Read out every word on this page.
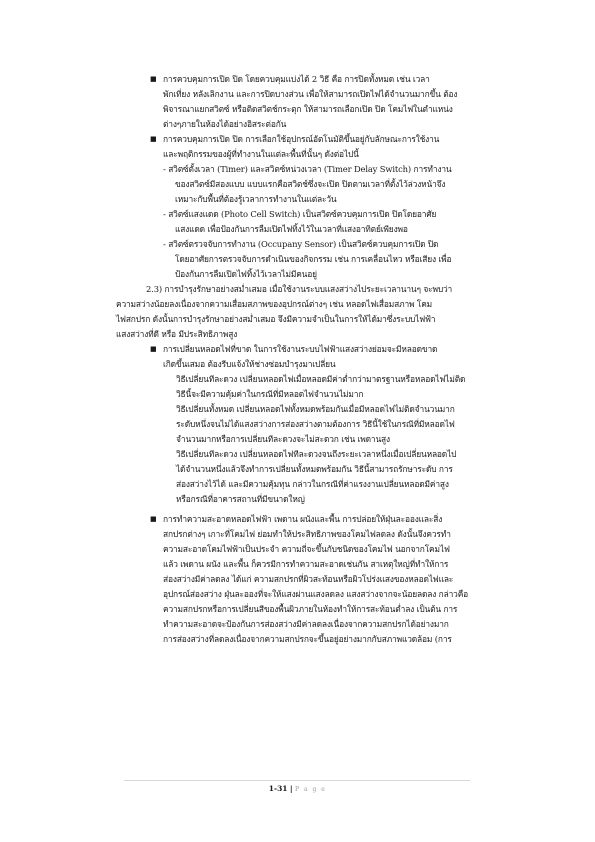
■ การควบคุมการเปิด ปิด โดยควบคุมแบ่งได้ 2 วิธี คือ การปิดทั้งหมด เช่น เวลา
พักเที่ยง หลังเลิกงาน และการปิดบางส่วน เพื่อให้สามารถเปิดไฟได้จำนวนมากขึ้น ต้อง
พิจารณาแยกสวิตซ์ หรือติดสวิตช์กระตุก ให้สามารถเลือกเปิด ปิด โคมไฟในตำแหน่ง
ต่างๆภายในห้องได้อย่างอิสระต่อกัน
■ การควบคุมการเปิด ปิด การเลือกใช้อุปกรณ์อัตโนมัติขึ้นอยู่กับลักษณะการใช้งาน
และพฤติกรรมของผู้ที่ทำงานในแต่ละพื้นที่นั้นๆ ดังต่อไปนี้
- สวิตซ์ตั้งเวลา (Timer) และสวิตซ์หน่วงเวลา (Timer Delay Switch) การทำงาน
ของสวิตซ์มีสองแบบ แบบแรกคือสวิตช์ซึ่งจะเปิด ปิดตามเวลาที่ตั้งไว้ล่วงหน้าจึง
เหมาะกับพื้นที่ต้องรู้เวลาการทำงานในแต่ละวัน
- สวิตซ์แสงแดด (Photo Cell Switch) เป็นสวิตซ์ควบคุมการเปิด ปิดโดยอาศัย
แสงแดด เพื่อป้องกันการลืมเปิดไฟทิ้งไว้ในเวลาที่แสงอาทิตย์เพียงพอ
- สวิตซ์ตรวจจับการทำงาน (Occupany Sensor) เป็นสวิตซ์ควบคุมการเปิด ปิด
โดยอาศัยการตรวจจับการดำเนินของกิจกรรม เช่น การเคลื่อนไหว หรือเสียง เพื่อ
ป้องกันการลืมเปิดไฟทิ้งไว้เวลาไม่มีคนอยู่
2.3) การบำรุงรักษาอย่างสม่ำเสมอ เมื่อใช้งานระบบแสงสว่างไประยะเวลานานๆ จะพบว่า
ความสว่างน้อยลงเนื่องจากความเสื่อมสภาพของอุปกรณ์ต่างๆ เช่น หลอดไฟเสื่อมสภาพ โคม
ไฟสกปรก ดังนั้นการบำรุงรักษาอย่างสม่ำเสมอ จึงมีความจำเป็นในการให้ได้มาซึ่งระบบไฟฟ้า
แสงสว่างที่ดี หรือ มีประสิทธิภาพสูง
■ การเปลี่ยนหลอดไฟที่ขาด ในการใช้งานระบบไฟฟ้าแสงสว่างย่อมจะมีหลอดขาด
เกิดขึ้นเสมอ ต้องรีบแจ้งให้ช่างซ่อมบำรุงมาเปลี่ยน
วิธีเปลี่ยนทีละดวง เปลี่ยนหลอดไฟเมื่อหลอดมีค่าต่ำกว่ามาตรฐานหรือหลอดไฟไม่ติด
วิธีนี้จะมีความคุ้มค่าในกรณีที่มีหลอดไฟจำนวนไม่มาก
วิธีเปลี่ยนทั้งหมด เปลี่ยนหลอดไฟทั้งหมดพร้อมกันเมื่อมีหลอดไฟไม่ติดจำนวนมาก
ระดับหนึ่งจนไม่ได้แสงสว่างการส่องสว่างตามต้องการ วิธีนี้ใช้ในกรณีที่มีหลอดไฟ
จำนวนมากหรือการเปลี่ยนทีละดวงจะไม่สะดวก เช่น เพดานสูง
วิธีเปลี่ยนทีละดวง เปลี่ยนหลอดไฟทีละดวงจนถึงระยะเวลาหนึ่งเมื่อเปลี่ยนหลอดไป
ได้จำนวนหนึ่งแล้วจึงทำการเปลี่ยนทั้งหมดพร้อมกัน วิธีนี้สามารถรักษาระดับ การ
ส่องสว่างไว้ได้ และมีความคุ้มทุน กล่าวในกรณีที่ค่าแรงงานเปลี่ยนหลอดมีค่าสูง
หรือกรณีที่อาคารสถานที่มีขนาดใหญ่
■ การทำความสะอาดหลอดไฟฟ้า เพดาน ผนังและพื้น การปล่อยให้ฝุ่นละอองและสิ่ง
สกปรกต่างๆ เกาะที่โคมไฟ ย่อมทำให้ประสิทธิภาพของโคมไฟลดลง ดังนั้นจึงควรทำ
ความสะอาดโคมไฟฟ้าเป็นประจำ ความถี่จะขึ้นกับชนิดของโคมไฟ นอกจากโคมไฟ
แล้ว เพดาน ผนัง และพื้น ก็ควรมีการทำความสะอาดเช่นกัน สาเหตุใหญ่ที่ทำให้การ
ส่องสว่างมีค่าลดลง ได้แก่ ความสกปรกที่ผิวสะท้อนหรือผิวโปร่งแสงของหลอดไฟและ
อุปกรณ์ส่องสว่าง ฝุ่นละอองที่จะให้แสงผ่านแสงลดลง แสงสว่างจากจะน้อยลดลง กล่าวคือ
ความสกปรกหรือการเปลี่ยนสีของพื้นผิวภายในห้องทำให้การสะท้อนต่ำลง เป็นต้น การ
ทำความสะอาดจะป้องกันการส่องสว่างมีค่าลดลงเนื่องจากความสกปรกได้อย่างมาก
การส่องสว่างที่ลดลงเนื่องจากความสกปรกจะขึ้นอยู่อย่างมากกับสภาพแวดล้อม (การ
1-31 | P a g e
